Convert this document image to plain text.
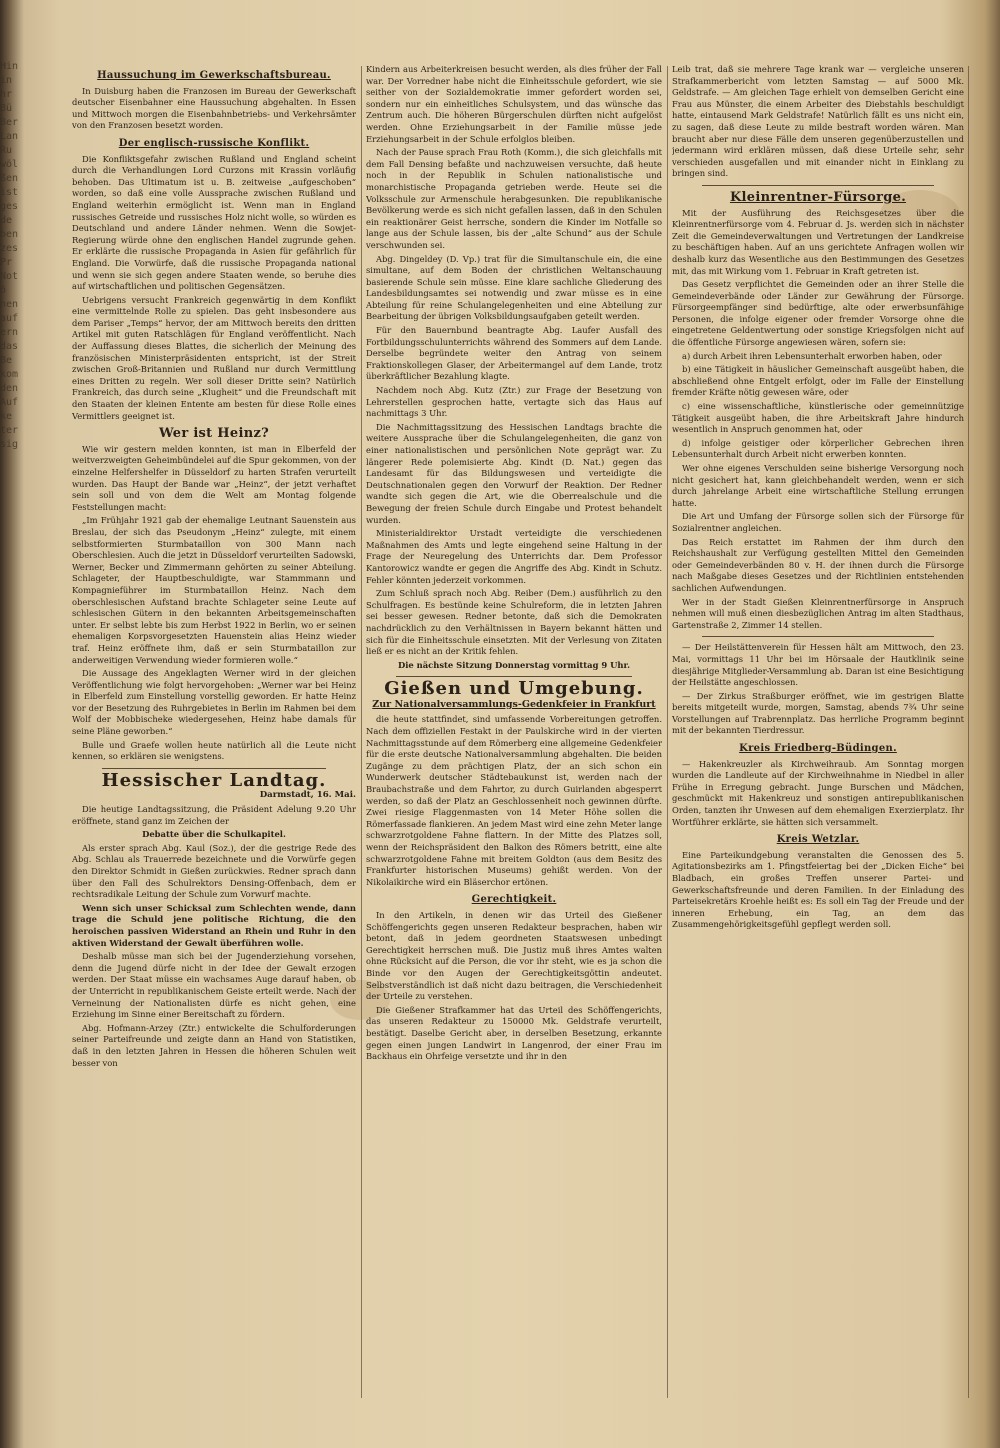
Hin
in
hr
Bü
Ber
Lan
Ru
wöl
ßen
ist
ges
de
ben
zes
Pr
Not
ö
nen
auf
ern
das
Be
kom
den
Auf
ke
ter
sig
Haussuchung im Gewerkschaftsbureau.

In Duisburg haben die Franzosen im Bureau der Gewerkschaft deutscher Eisenbahner eine Haussuchung abgehalten. In Essen und Mittwoch morgen die Eisenbahnbetriebs- und Verkehrsämter von den Franzosen besetzt worden.

Der englisch-russische Konflikt.

Die Konfliktsgefahr zwischen Rußland und England scheint durch die Verhandlungen Lord Curzons mit Krassin vorläufig behoben. Das Ultimatum ist u. B. zeitweise „aufgeschoben“ worden, so daß eine volle Aussprache zwischen Rußland und England weiterhin ermöglicht ist. Wenn man in England russisches Getreide und russisches Holz nicht wolle, so würden es Deutschland und andere Länder nehmen. Wenn die Sowjet-Regierung würde ohne den englischen Handel zugrunde gehen. Er erklärte die russische Propaganda in Asien für gefährlich für England. Die Vorwürfe, daß die russische Propaganda national und wenn sie sich gegen andere Staaten wende, so beruhe dies auf wirtschaftlichen und politischen Gegensätzen.

Uebrigens versucht Frankreich gegenwärtig in dem Konflikt eine vermittelnde Rolle zu spielen. Das geht insbesondere aus dem Pariser „Temps“ hervor, der am Mittwoch bereits den dritten Artikel mit guten Ratschlägen für England veröffentlicht. Nach der Auffassung dieses Blattes, die sicherlich der Meinung des französischen Ministerpräsidenten entspricht, ist der Streit zwischen Groß-Britannien und Rußland nur durch Vermittlung eines Dritten zu regeln. Wer soll dieser Dritte sein? Natürlich Frankreich, das durch seine „Klugheit“ und die Freundschaft mit den Staaten der kleinen Entente am besten für diese Rolle eines Vermittlers geeignet ist.

Wer ist Heinz?

Wie wir gestern melden konnten, ist man in Elberfeld der weitverzweigten Geheimbündelei auf die Spur gekommen, von der einzelne Helfershelfer in Düsseldorf zu harten Strafen verurteilt wurden. Das Haupt der Bande war „Heinz“, der jetzt verhaftet sein soll und von dem die Welt am Montag folgende Feststellungen macht:

„Im Frühjahr 1921 gab der ehemalige Leutnant Sauenstein aus Breslau, der sich das Pseudonym „Heinz“ zulegte, mit einem selbstformierten Sturmbataillon von 300 Mann nach Oberschlesien. Auch die jetzt in Düsseldorf verurteilten Sadowski, Werner, Becker und Zimmermann gehörten zu seiner Abteilung. Schlageter, der Hauptbeschuldigte, war Stammmann und Kompagnieführer im Sturmbataillon Heinz. Nach dem oberschlesischen Aufstand brachte Schlageter seine Leute auf schlesischen Gütern in den bekannten Arbeitsgemeinschaften unter. Er selbst lebte bis zum Herbst 1922 in Berlin, wo er seinen ehemaligen Korpsvorgesetzten Hauenstein alias Heinz wieder traf. Heinz eröffnete ihm, daß er sein Sturmbataillon zur anderweitigen Verwendung wieder formieren wolle.“

Die Aussage des Angeklagten Werner wird in der gleichen Veröffentlichung wie folgt hervorgehoben: „Werner war bei Heinz in Elberfeld zum Einstellung vorstellig geworden. Er hatte Heinz vor der Besetzung des Ruhrgebietes in Berlin im Rahmen bei dem Wolf der Mobbischeke wiedergesehen, Heinz habe damals für seine Pläne geworben.“

Bulle und Graefe wollen heute natürlich all die Leute nicht kennen, so erklären sie wenigstens.

Hessischer Landtag.
Darmstadt, 16. Mai.

Die heutige Landtagssitzung, die Präsident Adelung 9.20 Uhr eröffnete, stand ganz im Zeichen der

Debatte über die Schulkapitel.

Als erster sprach Abg. Kaul (Soz.), der die gestrige Rede des Abg. Schlau als Trauerrede bezeichnete und die Vorwürfe gegen den Direktor Schmidt in Gießen zurückwies. Redner sprach dann über den Fall des Schulrektors Densing-Offenbach, dem er rechtsradikale Leitung der Schule zum Vorwurf machte.

Wenn sich unser Schicksal zum Schlechten wende, dann trage die Schuld jene politische Richtung, die den heroischen passiven Widerstand an Rhein und Ruhr in den aktiven Widerstand der Gewalt überführen wolle.

Deshalb müsse man sich bei der Jugenderziehung vorsehen, denn die Jugend dürfe nicht in der Idee der Gewalt erzogen werden. Der Staat müsse ein wachsames Auge darauf haben, ob der Unterricht in republikanischem Geiste erteilt werde. Nach der Verneinung der Nationalisten dürfe es nicht gehen, eine Erziehung im Sinne einer Bereitschaft zu fördern.

Abg. Hofmann-Arzey (Ztr.) entwickelte die Schulforderungen seiner Parteifreunde und zeigte dann an Hand von Statistiken, daß in den letzten Jahren in Hessen die höheren Schulen weit besser von

Kindern aus Arbeiterkreisen besucht werden, als dies früher der Fall war. Der Vorredner habe nicht die Einheitsschule gefordert, wie sie seither von der Sozialdemokratie immer gefordert worden sei, sondern nur ein einheitliches Schulsystem, und das wünsche das Zentrum auch. Die höheren Bürgerschulen dürften nicht aufgelöst werden. Ohne Erziehungsarbeit in der Familie müsse jede Erziehungsarbeit in der Schule erfolglos bleiben.

Nach der Pause sprach Frau Roth (Komm.), die sich gleichfalls mit dem Fall Densing befaßte und nachzuweisen versuchte, daß heute noch in der Republik in Schulen nationalistische und monarchistische Propaganda getrieben werde. Heute sei die Volksschule zur Armenschule herabgesunken. Die republikanische Bevölkerung werde es sich nicht gefallen lassen, daß in den Schulen ein reaktionärer Geist herrsche, sondern die Kinder im Notfalle so lange aus der Schule lassen, bis der „alte Schund“ aus der Schule verschwunden sei.

Abg. Dingeldey (D. Vp.) trat für die Simultanschule ein, die eine simultane, auf dem Boden der christlichen Weltanschauung basierende Schule sein müsse. Eine klare sachliche Gliederung des Landesbildungsamtes sei notwendig und zwar müsse es in eine Abteilung für reine Schulangelegenheiten und eine Abteilung zur Bearbeitung der übrigen Volksbildungsaufgaben geteilt werden.

Für den Bauernbund beantragte Abg. Laufer Ausfall des Fortbildungsschulunterrichts während des Sommers auf dem Lande. Derselbe begründete weiter den Antrag von seinem Fraktionskollegen Glaser, der Arbeitermangel auf dem Lande, trotz überkräftlicher Bezahlung klagte.

Nachdem noch Abg. Kutz (Ztr.) zur Frage der Besetzung von Lehrerstellen gesprochen hatte, vertagte sich das Haus auf nachmittags 3 Uhr.

Die Nachmittagssitzung des Hessischen Landtags brachte die weitere Aussprache über die Schulangelegenheiten, die ganz von einer nationalistischen und persönlichen Note geprägt war. Zu längerer Rede polemisierte Abg. Kindt (D. Nat.) gegen das Landesamt für das Bildungswesen und verteidigte die Deutschnationalen gegen den Vorwurf der Reaktion. Der Redner wandte sich gegen die Art, wie die Oberrealschule und die Bewegung der freien Schule durch Eingabe und Protest behandelt wurden.

Ministerialdirektor Urstadt verteidigte die verschiedenen Maßnahmen des Amts und legte eingehend seine Haltung in der Frage der Neuregelung des Unterrichts dar. Dem Professor Kantorowicz wandte er gegen die Angriffe des Abg. Kindt in Schutz. Fehler könnten jederzeit vorkommen.

Zum Schluß sprach noch Abg. Reiber (Dem.) ausführlich zu den Schulfragen. Es bestünde keine Schulreform, die in letzten Jahren sei besser gewesen. Redner betonte, daß sich die Demokraten nachdrücklich zu den Verhältnissen in Bayern bekannt hätten und sich für die Einheitsschule einsetzten. Mit der Verlesung von Zitaten ließ er es nicht an der Kritik fehlen.

Die nächste Sitzung Donnerstag vormittag 9 Uhr.

Gießen und Umgebung.
Zur Nationalversammlungs-Gedenkfeier in Frankfurt

die heute stattfindet, sind umfassende Vorbereitungen getroffen. Nach dem offiziellen Festakt in der Paulskirche wird in der vierten Nachmittagsstunde auf dem Römerberg eine allgemeine Gedenkfeier für die erste deutsche Nationalversammlung abgehalten. Die beiden Zugänge zu dem prächtigen Platz, der an sich schon ein Wunderwerk deutscher Städtebaukunst ist, werden nach der Braubachstraße und dem Fahrtor, zu durch Guirlanden abgesperrt werden, so daß der Platz an Geschlossenheit noch gewinnen dürfte. Zwei riesige Flaggenmasten von 14 Meter Höhe sollen die Römerfassade flankieren. An jedem Mast wird eine zehn Meter lange schwarzrotgoldene Fahne flattern. In der Mitte des Platzes soll, wenn der Reichspräsident den Balkon des Römers betritt, eine alte schwarzrotgoldene Fahne mit breitem Goldton (aus dem Besitz des Frankfurter historischen Museums) gehißt werden. Von der Nikolaikirche wird ein Bläserchor ertönen.

Gerechtigkeit.

In den Artikeln, in denen wir das Urteil des Gießener Schöffengerichts gegen unseren Redakteur besprachen, haben wir betont, daß in jedem geordneten Staatswesen unbedingt Gerechtigkeit herrschen muß. Die Justiz muß ihres Amtes walten ohne Rücksicht auf die Person, die vor ihr steht, wie es ja schon die Binde vor den Augen der Gerechtigkeitsgöttin andeutet. Selbstverständlich ist daß nicht dazu beitragen, die Verschiedenheit der Urteile zu verstehen.

Die Gießener Strafkammer hat das Urteil des Schöffengerichts, das unseren Redakteur zu 150000 Mk. Geldstrafe verurteilt, bestätigt. Daselbe Gericht aber, in derselben Besetzung, erkannte gegen einen jungen Landwirt in Langenrod, der einer Frau im Backhaus ein Ohrfeige versetzte und ihr in den

Leib trat, daß sie mehrere Tage krank war — vergleiche unseren Strafkammerbericht vom letzten Samstag — auf 5000 Mk. Geldstrafe. — Am gleichen Tage erhielt von demselben Gericht eine Frau aus Münster, die einem Arbeiter des Diebstahls beschuldigt hatte, eintausend Mark Geldstrafe! Natürlich fällt es uns nicht ein, zu sagen, daß diese Leute zu milde bestraft worden wären. Man braucht aber nur diese Fälle dem unseren gegenüberzustellen und jedermann wird erklären müssen, daß diese Urteile sehr, sehr verschieden ausgefallen und mit einander nicht in Einklang zu bringen sind.

Kleinrentner-Fürsorge.

Mit der Ausführung des Reichsgesetzes über die Kleinrentnerfürsorge vom 4. Februar d. Js. werden sich in nächster Zeit die Gemeindeverwaltungen und Vertretungen der Landkreise zu beschäftigen haben. Auf an uns gerichtete Anfragen wollen wir deshalb kurz das Wesentliche aus den Bestimmungen des Gesetzes mit, das mit Wirkung vom 1. Februar in Kraft getreten ist.

Das Gesetz verpflichtet die Gemeinden oder an ihrer Stelle die Gemeindeverbände oder Länder zur Gewährung der Fürsorge. Fürsorgeempfänger sind bedürftige, alte oder erwerbsunfähige Personen, die infolge eigener oder fremder Vorsorge ohne die eingetretene Geldentwertung oder sonstige Kriegsfolgen nicht auf die öffentliche Fürsorge angewiesen wären, sofern sie:

a) durch Arbeit ihren Lebensunterhalt erworben haben, oder

b) eine Tätigkeit in häuslicher Gemeinschaft ausgeübt haben, die abschließend ohne Entgelt erfolgt, oder im Falle der Einstellung fremder Kräfte nötig gewesen wäre, oder

c) eine wissenschaftliche, künstlerische oder gemeinnützige Tätigkeit ausgeübt haben, die ihre Arbeitskraft Jahre hindurch wesentlich in Anspruch genommen hat, oder

d) infolge geistiger oder körperlicher Gebrechen ihren Lebensunterhalt durch Arbeit nicht erwerben konnten.

Wer ohne eigenes Verschulden seine bisherige Versorgung noch nicht gesichert hat, kann gleichbehandelt werden, wenn er sich durch jahrelange Arbeit eine wirtschaftliche Stellung errungen hatte.

Die Art und Umfang der Fürsorge sollen sich der Fürsorge für Sozialrentner angleichen.

Das Reich erstattet im Rahmen der ihm durch den Reichshaushalt zur Verfügung gestellten Mittel den Gemeinden oder Gemeindeverbänden 80 v. H. der ihnen durch die Fürsorge nach Maßgabe dieses Gesetzes und der Richtlinien entstehenden sachlichen Aufwendungen.

Wer in der Stadt Gießen Kleinrentnerfürsorge in Anspruch nehmen will muß einen diesbezüglichen Antrag im alten Stadthaus, Gartenstraße 2, Zimmer 14 stellen.

— Der Heilstättenverein für Hessen hält am Mittwoch, den 23. Mai, vormittags 11 Uhr bei im Hörsaale der Hautklinik seine diesjährige Mitglieder-Versammlung ab. Daran ist eine Besichtigung der Heilstätte angeschlossen.

— Der Zirkus Straßburger eröffnet, wie im gestrigen Blatte bereits mitgeteilt wurde, morgen, Samstag, abends 7¾ Uhr seine Vorstellungen auf Trabrennplatz. Das herrliche Programm beginnt mit der bekannten Tierdressur.

Kreis Friedberg-Büdingen.

— Hakenkreuzler als Kirchweihraub. Am Sonntag morgen wurden die Landleute auf der Kirchweihnahme in Niedbel in aller Frühe in Erregung gebracht. Junge Burschen und Mädchen, geschmückt mit Hakenkreuz und sonstigen antirepublikanischen Orden, tanzten ihr Unwesen auf dem ehemaligen Exerzierplatz. Ihr Wortführer erklärte, sie hätten sich versammelt.

Kreis Wetzlar.

Eine Parteikundgebung veranstalten die Genossen des 5. Agitationsbezirks am 1. Pfingstfeiertag bei der „Dicken Eiche“ bei Bladbach, ein großes Treffen unserer Partei- und Gewerkschaftsfreunde und deren Familien. In der Einladung des Parteisekretärs Kroehle heißt es: Es soll ein Tag der Freude und der inneren Erhebung, ein Tag, an dem das Zusammengehörigkeitsgefühl gepflegt werden soll.
